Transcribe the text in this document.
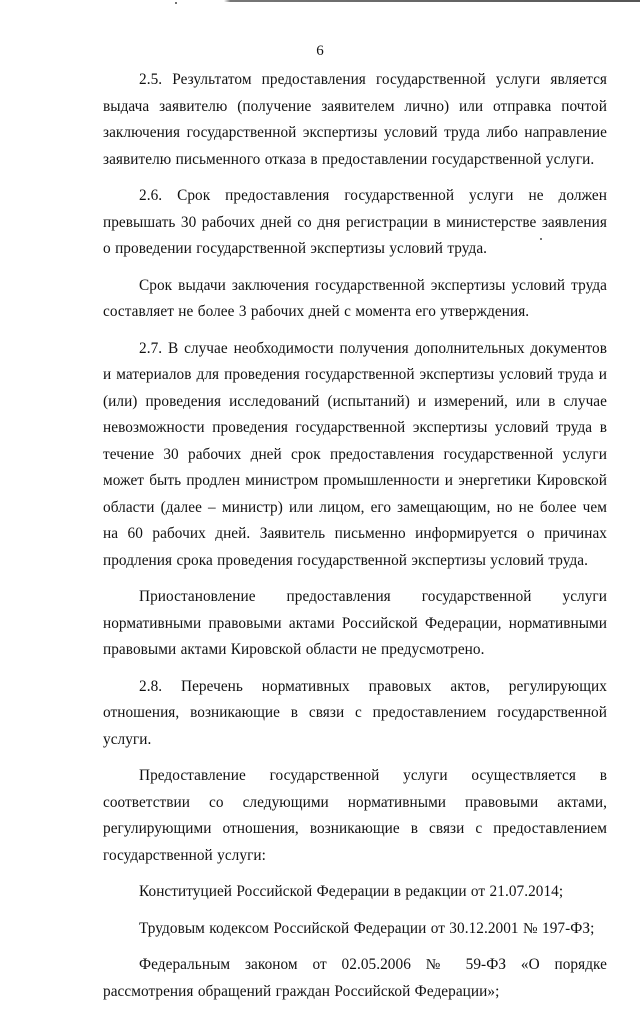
6

2.5. Результатом предоставления государственной услуги является выдача заявителю (получение заявителем лично) или отправка почтой заключения государственной экспертизы условий труда либо направление заявителю письменного отказа в предоставлении государственной услуги.

2.6. Срок предоставления государственной услуги не должен превышать 30 рабочих дней со дня регистрации в министерстве заявления о проведении государственной экспертизы условий труда.

Срок выдачи заключения государственной экспертизы условий труда составляет не более 3 рабочих дней с момента его утверждения.

2.7. В случае необходимости получения дополнительных документов и материалов для проведения государственной экспертизы условий труда и (или) проведения исследований (испытаний) и измерений, или в случае невозможности проведения государственной экспертизы условий труда в течение 30 рабочих дней срок предоставления государственной услуги может быть продлен министром промышленности и энергетики Кировской области (далее – министр) или лицом, его замещающим, но не более чем на 60 рабочих дней. Заявитель письменно информируется о причинах продления срока проведения государственной экспертизы условий труда.

Приостановление предоставления государственной услуги нормативными правовыми актами Российской Федерации, нормативными правовыми актами Кировской области не предусмотрено.

2.8. Перечень нормативных правовых актов, регулирующих отношения, возникающие в связи с предоставлением государственной услуги.

Предоставление государственной услуги осуществляется в соответствии со следующими нормативными правовыми актами, регулирующими отношения, возникающие в связи с предоставлением государственной услуги:

Конституцией Российской Федерации в редакции от 21.07.2014;

Трудовым кодексом Российской Федерации от 30.12.2001 № 197-ФЗ;

Федеральным законом от 02.05.2006 № 59-ФЗ «О порядке рассмотрения обращений граждан Российской Федерации»;
